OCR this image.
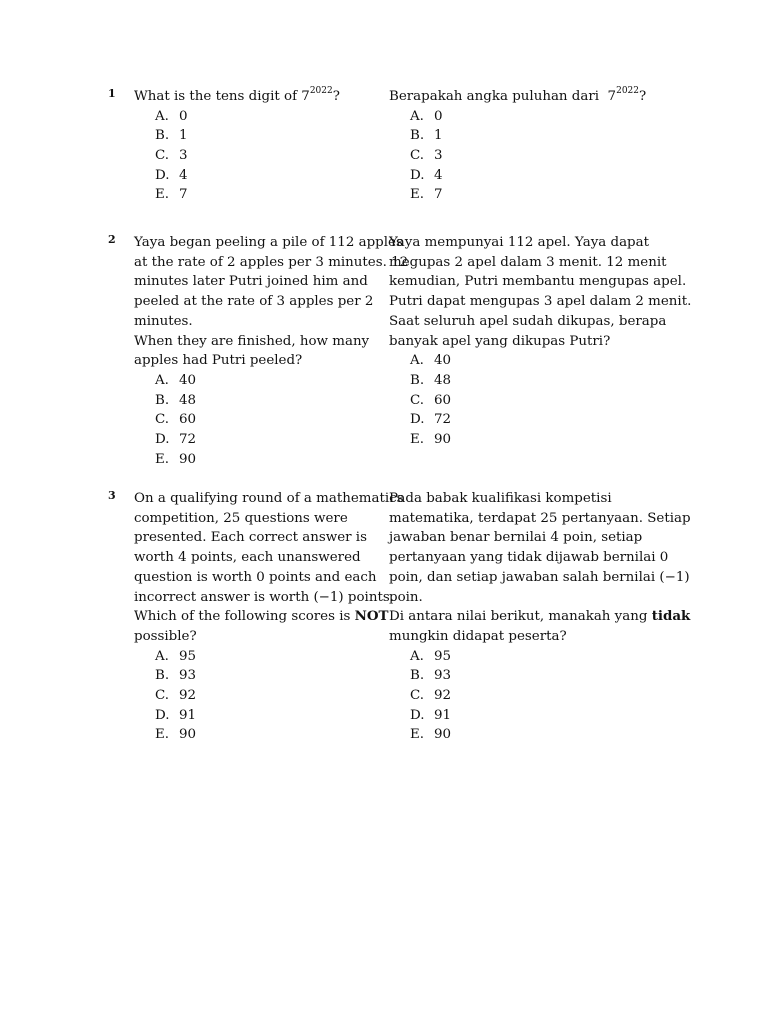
1 What is the tens digit of $7^{2022}$?
A. 0
B. 1
C. 3
D. 4
E. 7
Berapakah angka puluhan dari  $7^{2022}$?
A. 0
B. 1
C. 3
D. 4
E. 7
2 Yaya began peeling a pile of 112 apples
at the rate of 2 apples per 3 minutes. 12
minutes later Putri joined him and
peeled at the rate of 3 apples per 2
minutes.
When they are finished, how many
apples had Putri peeled?
A. 40
B. 48
C. 60
D. 72
E. 90
Yaya mempunyai 112 apel. Yaya dapat
megupas 2 apel dalam 3 menit. 12 menit
kemudian, Putri membantu mengupas apel.
Putri dapat mengupas 3 apel dalam 2 menit.
Saat seluruh apel sudah dikupas, berapa
banyak apel yang dikupas Putri?
A. 40
B. 48
C. 60
D. 72
E. 90
3 On a qualifying round of a mathematics
competition, 25 questions were
presented. Each correct answer is
worth 4 points, each unanswered
question is worth 0 points and each
incorrect answer is worth (−1) points.
Which of the following scores is NOT
possible?
A. 95
B. 93
C. 92
D. 91
E. 90
Pada babak kualifikasi kompetisi
matematika, terdapat 25 pertanyaan. Setiap
jawaban benar bernilai 4 poin, setiap
pertanyaan yang tidak dijawab bernilai 0
poin, dan setiap jawaban salah bernilai (−1)
poin.
Di antara nilai berikut, manakah yang tidak
mungkin didapat peserta?
A. 95
B. 93
C. 92
D. 91
E. 90
